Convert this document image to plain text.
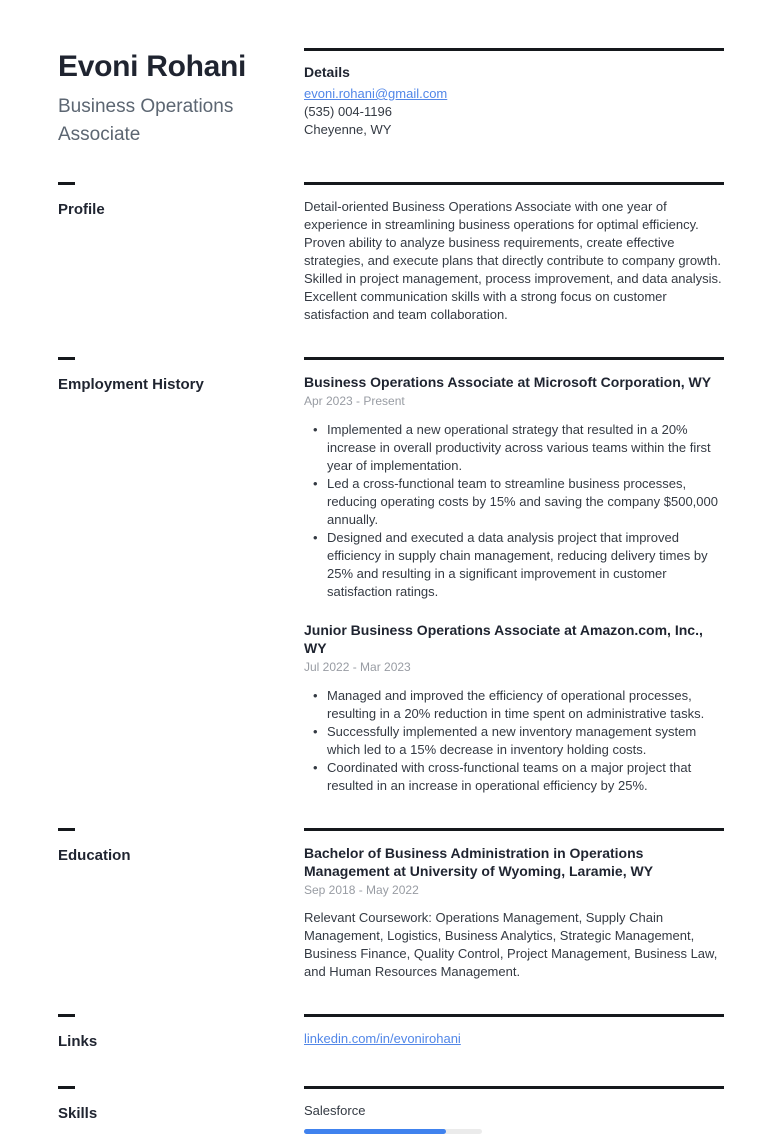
Evoni Rohani
Business Operations Associate
Details
evoni.rohani@gmail.com
(535) 004-1196
Cheyenne, WY
Profile	Detail-oriented Business Operations Associate with one year of experience in streamlining business operations for optimal efficiency. Proven ability to analyze business requirements, create effective strategies, and execute plans that directly contribute to company growth. Skilled in project management, process improvement, and data analysis. Excellent communication skills with a strong focus on customer satisfaction and team collaboration.
Employment History	Business Operations Associate at Microsoft Corporation, WY
Apr 2023 - Present
• Implemented a new operational strategy that resulted in a 20% increase in overall productivity across various teams within the first year of implementation.
• Led a cross-functional team to streamline business processes, reducing operating costs by 15% and saving the company $500,000 annually.
• Designed and executed a data analysis project that improved efficiency in supply chain management, reducing delivery times by 25% and resulting in a significant improvement in customer satisfaction ratings.
Junior Business Operations Associate at Amazon.com, Inc., WY
Jul 2022 - Mar 2023
• Managed and improved the efficiency of operational processes, resulting in a 20% reduction in time spent on administrative tasks.
• Successfully implemented a new inventory management system which led to a 15% decrease in inventory holding costs.
• Coordinated with cross-functional teams on a major project that resulted in an increase in operational efficiency by 25%.
Education	Bachelor of Business Administration in Operations Management at University of Wyoming, Laramie, WY
Sep 2018 - May 2022
Relevant Coursework: Operations Management, Supply Chain Management, Logistics, Business Analytics, Strategic Management, Business Finance, Quality Control, Project Management, Business Law, and Human Resources Management.
Links	linkedin.com/in/evonirohani
Skills	Salesforce
